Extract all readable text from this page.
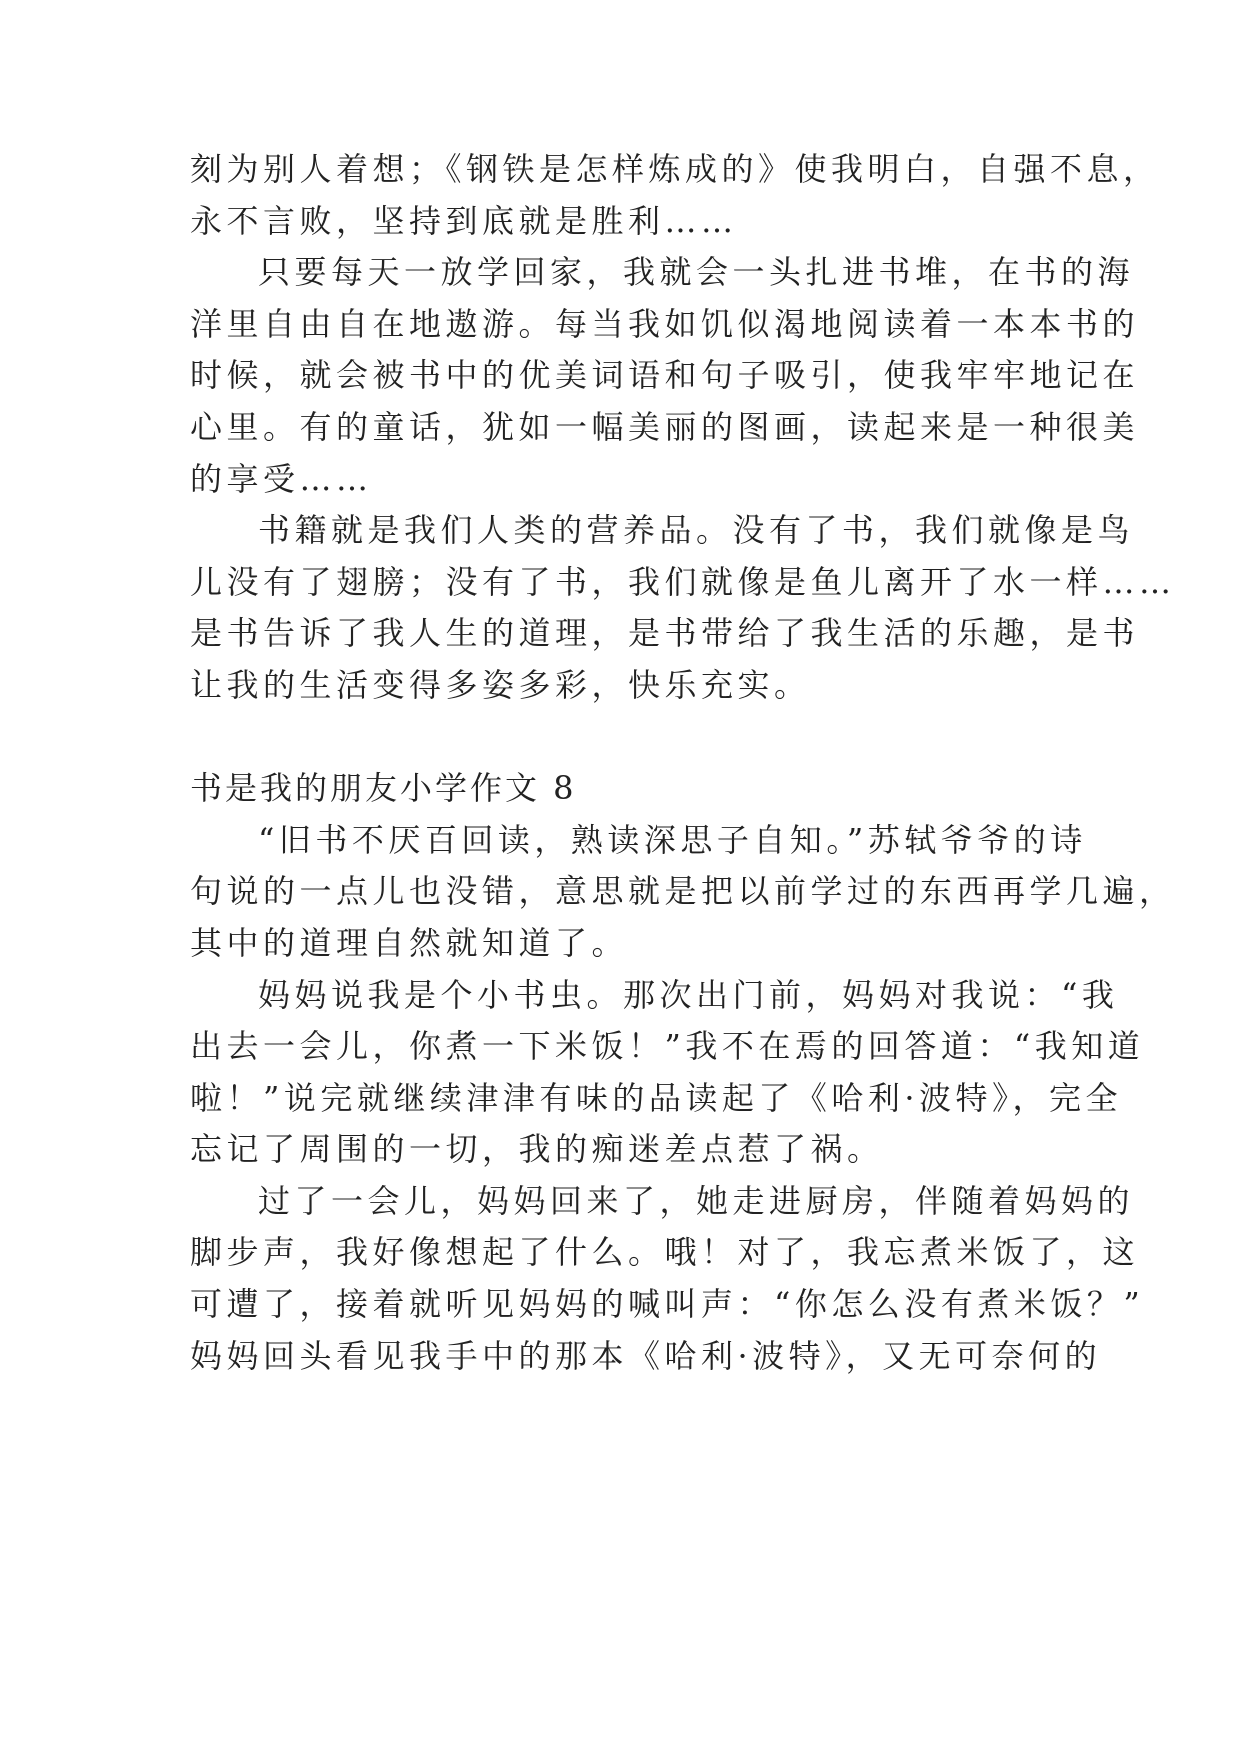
刻为别人着想；《钢铁是怎样炼成的》使我明白，自强不息，
永不言败，坚持到底就是胜利……
只要每天一放学回家，我就会一头扎进书堆，在书的海
洋里自由自在地遨游。每当我如饥似渴地阅读着一本本书的
时候，就会被书中的优美词语和句子吸引，使我牢牢地记在
心里。有的童话，犹如一幅美丽的图画，读起来是一种很美
的享受……
书籍就是我们人类的营养品。没有了书，我们就像是鸟
儿没有了翅膀；没有了书，我们就像是鱼儿离开了水一样……
是书告诉了我人生的道理，是书带给了我生活的乐趣，是书
让我的生活变得多姿多彩，快乐充实。
书是我的朋友小学作文 8
“旧书不厌百回读，熟读深思子自知。”苏轼爷爷的诗
句说的一点儿也没错，意思就是把以前学过的东西再学几遍，
其中的道理自然就知道了。
妈妈说我是个小书虫。那次出门前，妈妈对我说：“我
出去一会儿，你煮一下米饭！”我不在焉的回答道：“我知道
啦！”说完就继续津津有味的品读起了《哈利·波特》，完全
忘记了周围的一切，我的痴迷差点惹了祸。
过了一会儿，妈妈回来了，她走进厨房，伴随着妈妈的
脚步声，我好像想起了什么。哦！对了，我忘煮米饭了，这
可遭了，接着就听见妈妈的喊叫声：“你怎么没有煮米饭？”
妈妈回头看见我手中的那本《哈利·波特》，又无可奈何的
